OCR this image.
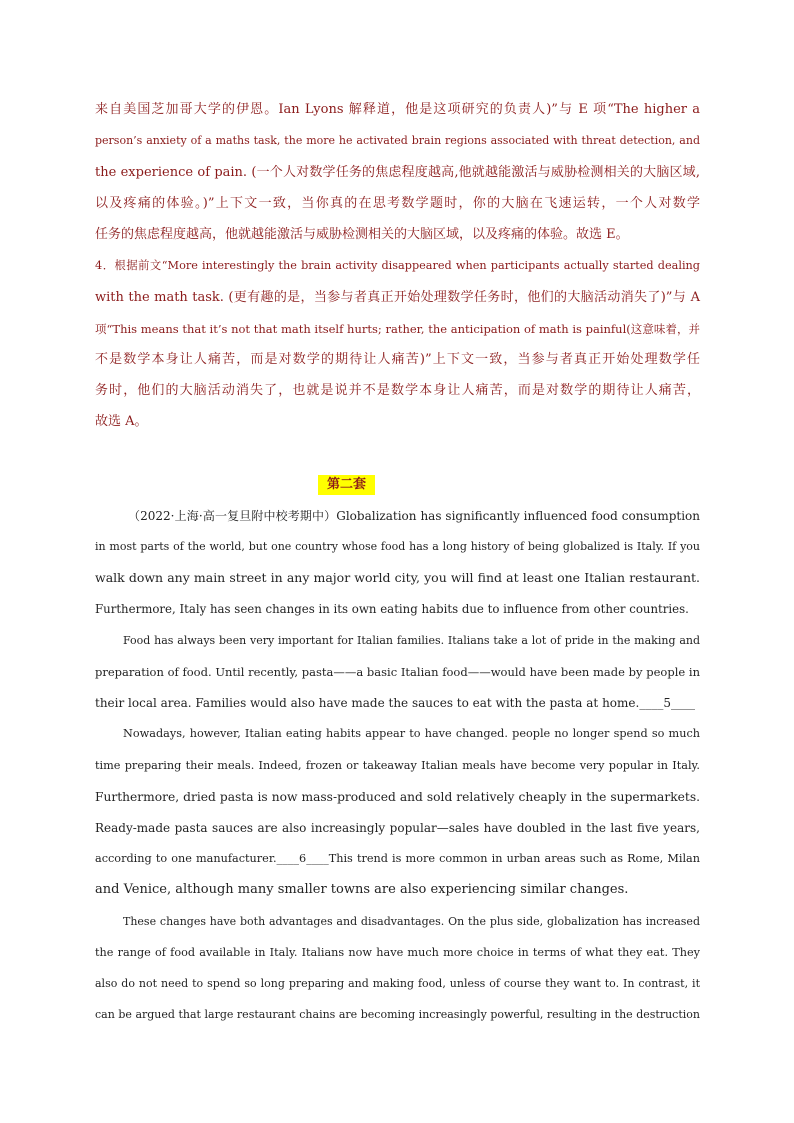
来自美国芝加哥大学的伊恩。Ian Lyons 解释道，他是这项研究的负责人)”与 E 项“The higher a
person’s anxiety of a maths task, the more he activated brain regions associated with threat detection, and
the experience of pain. (一个人对数学任务的焦虑程度越高,他就越能激活与威胁检测相关的大脑区域,
以及疼痛的体验。)”上下文一致，当你真的在思考数学题时，你的大脑在飞速运转，一个人对数学
任务的焦虑程度越高，他就越能激活与威胁检测相关的大脑区域，以及疼痛的体验。故选 E。
4．根据前文“More interestingly the brain activity disappeared when participants actually started dealing
with the math task. (更有趣的是，当参与者真正开始处理数学任务时，他们的大脑活动消失了)”与 A
项“This means that it’s not that math itself hurts; rather, the anticipation of math is painful(这意味着，并
不是数学本身让人痛苦，而是对数学的期待让人痛苦)”上下文一致，当参与者真正开始处理数学任
务时，他们的大脑活动消失了，也就是说并不是数学本身让人痛苦，而是对数学的期待让人痛苦，
故选 A。
第二套
（2022·上海·高一复旦附中校考期中）Globalization has significantly influenced food consumption
in most parts of the world, but one country whose food has a long history of being globalized is Italy. If you
walk down any main street in any major world city, you will find at least one Italian restaurant.
Furthermore, Italy has seen changes in its own eating habits due to influence from other countries.
Food has always been very important for Italian families. Italians take a lot of pride in the making and
preparation of food. Until recently, pasta——a basic Italian food——would have been made by people in
their local area. Families would also have made the sauces to eat with the pasta at home.____5____
Nowadays, however, Italian eating habits appear to have changed. people no longer spend so much
time preparing their meals. Indeed, frozen or takeaway Italian meals have become very popular in Italy.
Furthermore, dried pasta is now mass-produced and sold relatively cheaply in the supermarkets.
Ready-made pasta sauces are also increasingly popular—sales have doubled in the last five years,
according to one manufacturer.____6____This trend is more common in urban areas such as Rome, Milan
and Venice, although many smaller towns are also experiencing similar changes.
These changes have both advantages and disadvantages. On the plus side, globalization has increased
the range of food available in Italy. Italians now have much more choice in terms of what they eat. They
also do not need to spend so long preparing and making food, unless of course they want to. In contrast, it
can be argued that large restaurant chains are becoming increasingly powerful, resulting in the destruction
